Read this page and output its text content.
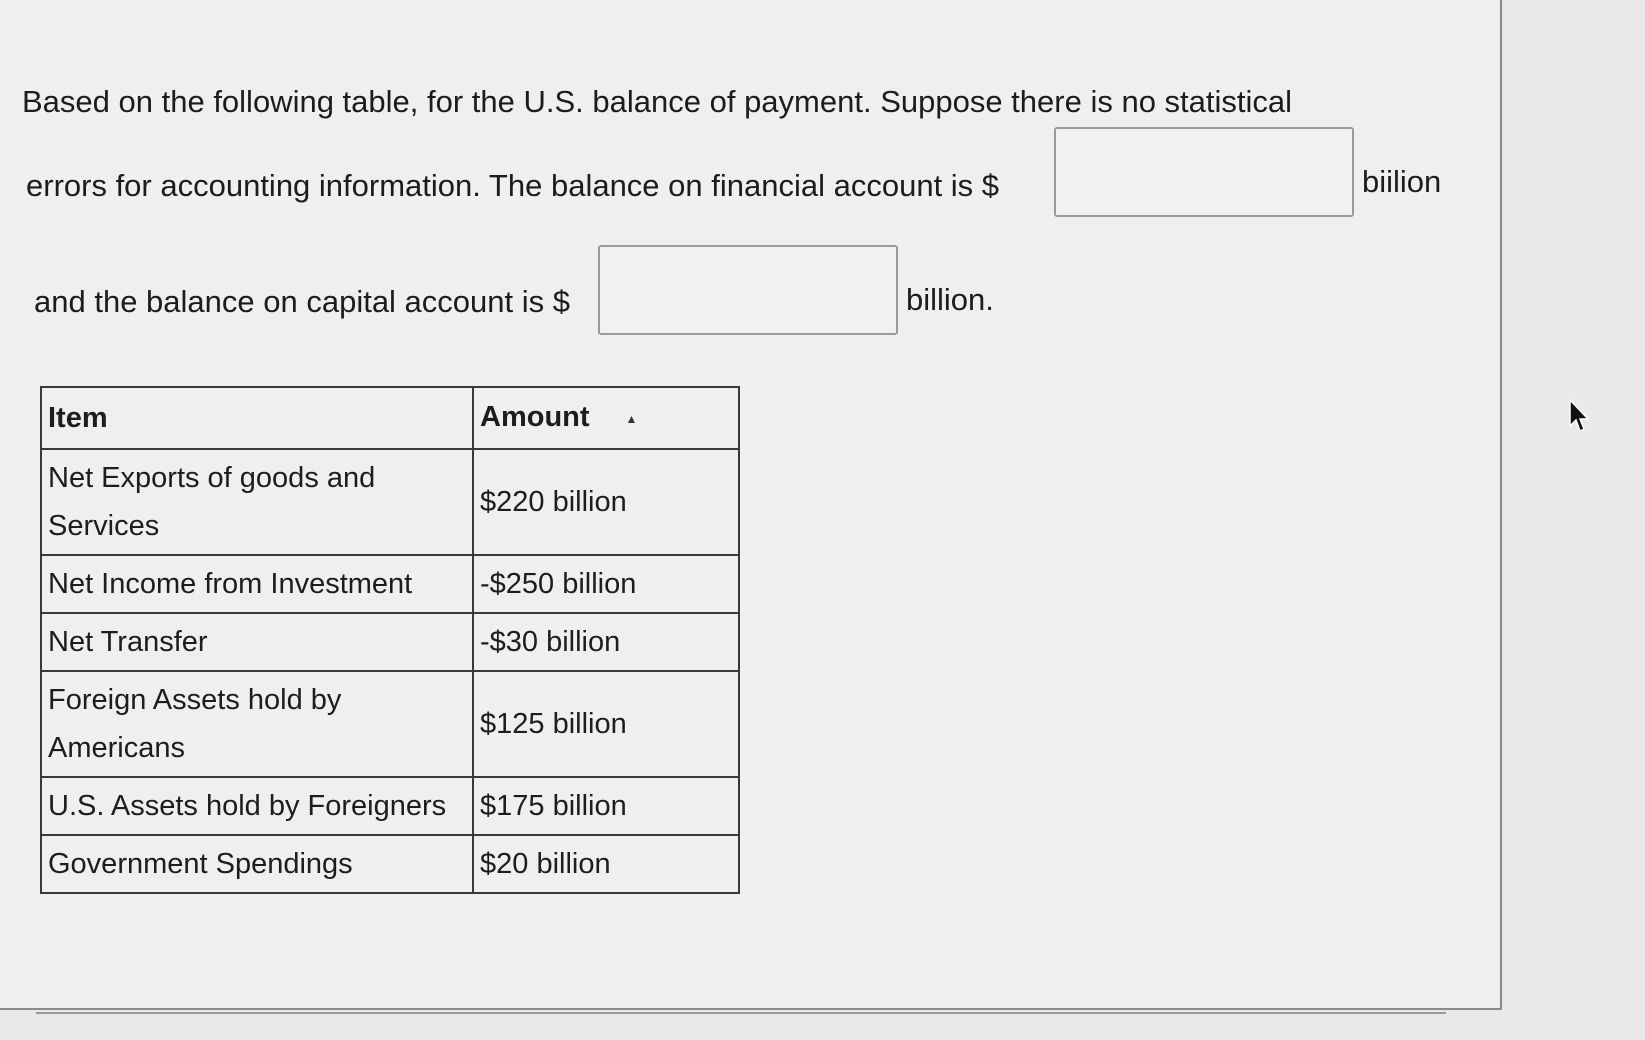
Based on the following table, for the U.S. balance of payment. Suppose there is no statistical
errors for accounting information. The balance on financial account is $	biilion
and the balance on capital account is $	billion.
Item	Amount ▲
Net Exports of goods and Services	$220 billion
Net Income from Investment	-$250 billion
Net Transfer	-$30 billion
Foreign Assets hold by Americans	$125 billion
U.S. Assets hold by Foreigners	$175 billion
Government Spendings	$20 billion
